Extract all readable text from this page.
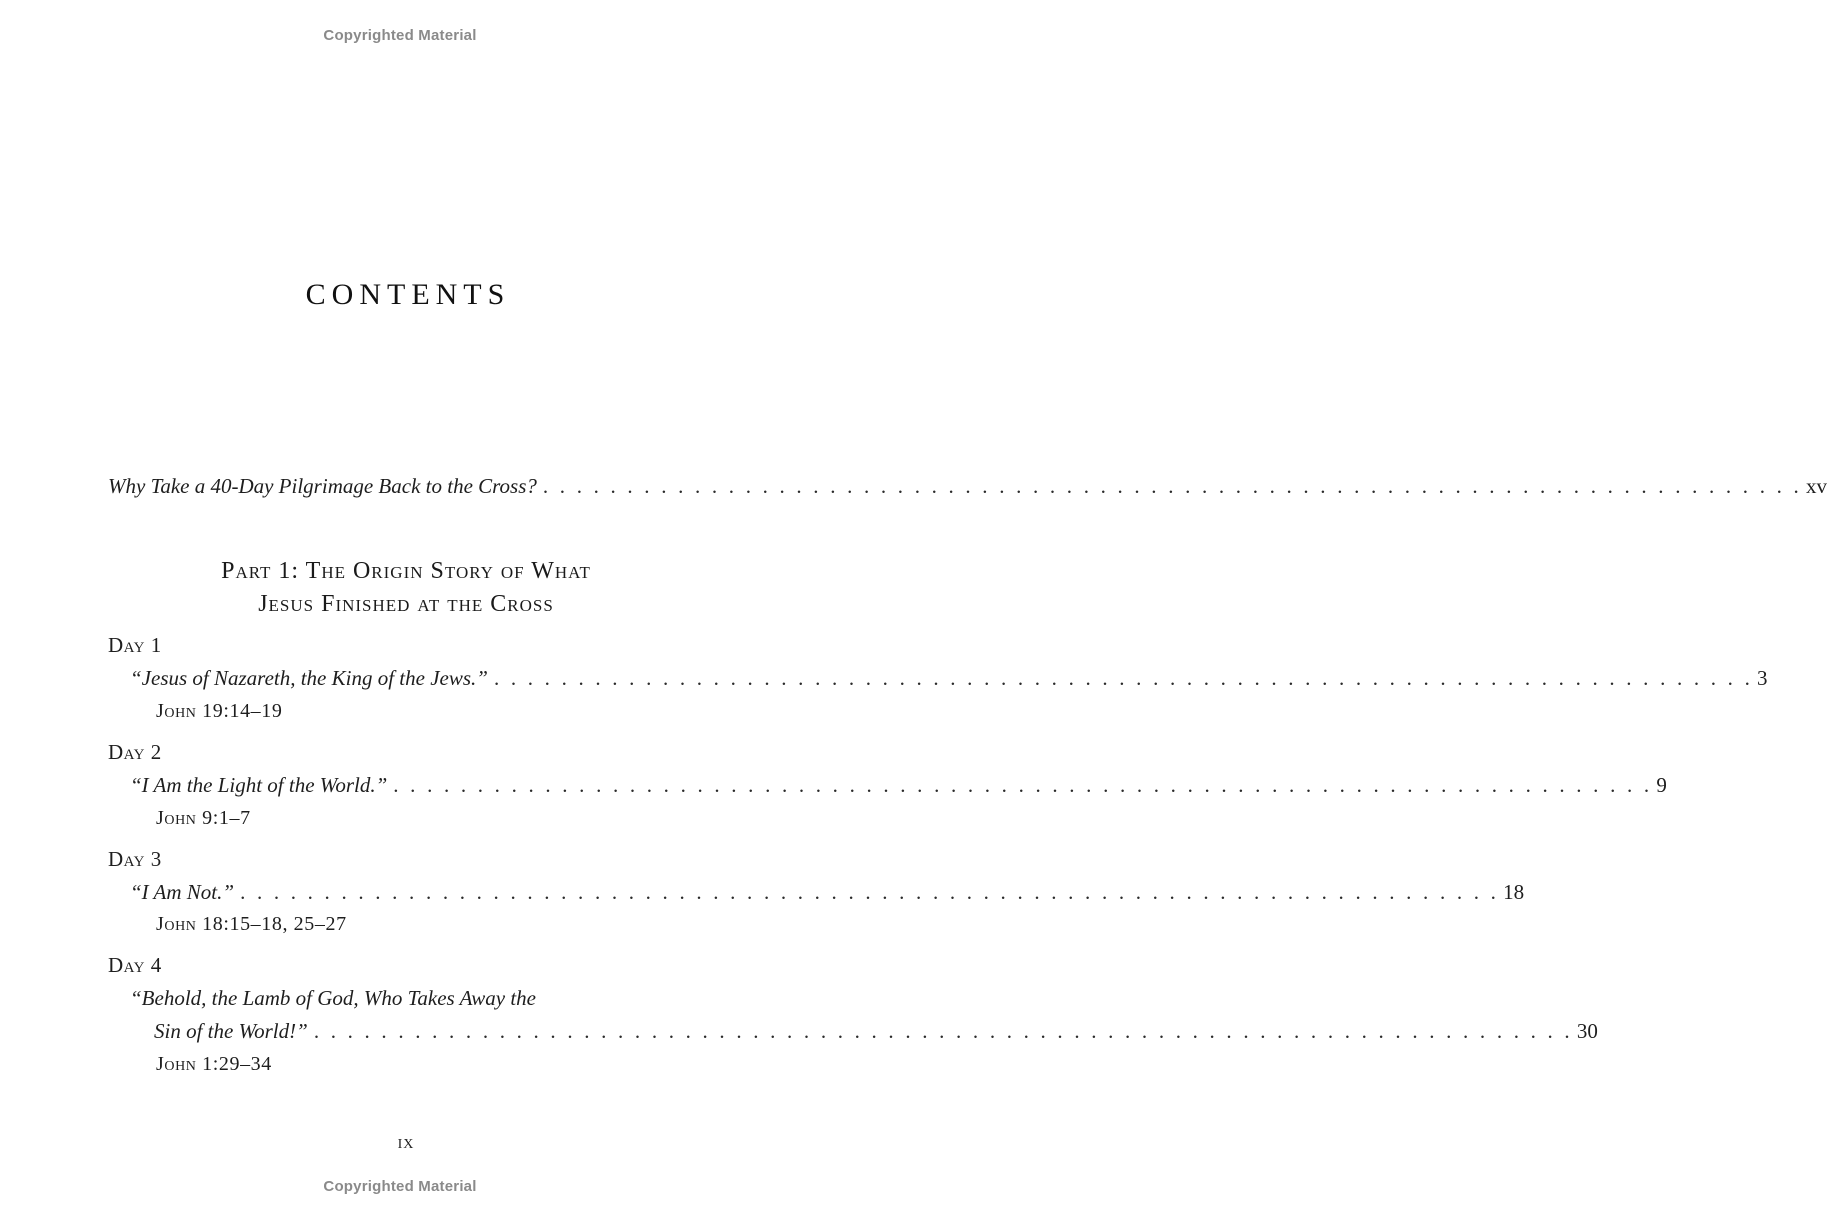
Copyrighted Material
CONTENTS
Why Take a 40-Day Pilgrimage Back to the Cross? . . . . . . . . . . . . . . . . . . . . . . . . . . . . . . . . . . . . . . . . . . . . . . . . . . . . . . . . . . . . . . . . . . . . . . . . . . . xv
Part 1: The Origin Story of What
Jesus Finished at the Cross
Day 1
“Jesus of Nazareth, the King of the Jews.” . . . . . . . . . . . . . . . . . . . . . . . . . . . . . . . . . . . . . . . . . . . . . . . . . . . . . . . . . . . . . . . . . . . . . . . . . . . 3
John 19:14–19
Day 2
“I Am the Light of the World.” . . . . . . . . . . . . . . . . . . . . . . . . . . . . . . . . . . . . . . . . . . . . . . . . . . . . . . . . . . . . . . . . . . . . . . . . . . . 9
John 9:1–7
Day 3
“I Am Not.” . . . . . . . . . . . . . . . . . . . . . . . . . . . . . . . . . . . . . . . . . . . . . . . . . . . . . . . . . . . . . . . . . . . . . . . . . . . 18
John 18:15–18, 25–27
Day 4
“Behold, the Lamb of God, Who Takes Away the
Sin of the World!” . . . . . . . . . . . . . . . . . . . . . . . . . . . . . . . . . . . . . . . . . . . . . . . . . . . . . . . . . . . . . . . . . . . . . . . . . . . 30
John 1:29–34
ix
Copyrighted Material
